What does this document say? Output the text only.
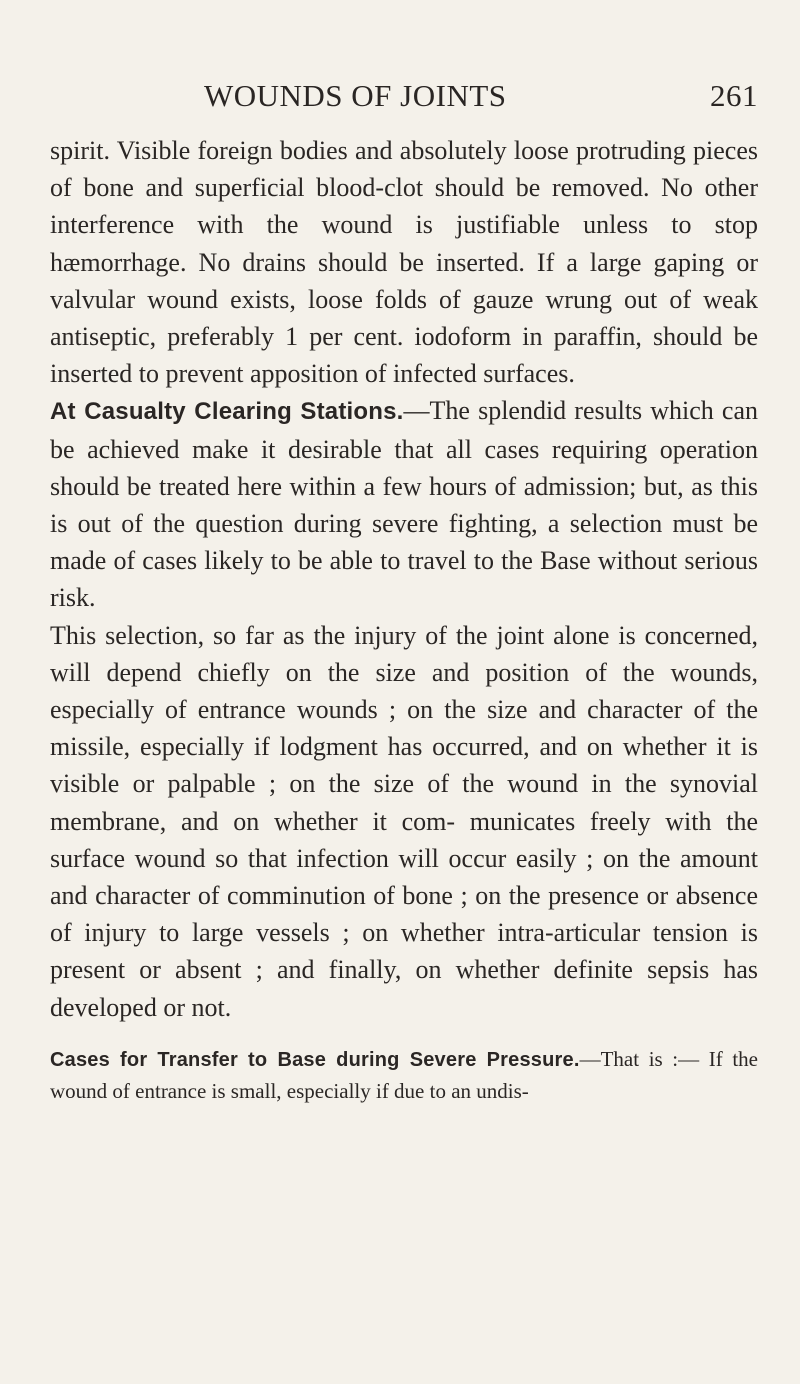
WOUNDS OF JOINTS	261

spirit. Visible foreign bodies and absolutely loose protruding pieces of bone and superficial blood-clot should be removed. No other interference with the wound is justifiable unless to stop hæmorrhage. No drains should be inserted. If a large gaping or valvular wound exists, loose folds of gauze wrung out of weak antiseptic, preferably 1 per cent. iodoform in paraffin, should be inserted to prevent apposition of infected surfaces.

At Casualty Clearing Stations.—The splendid results which can be achieved make it desirable that all cases requiring operation should be treated here within a few hours of admission; but, as this is out of the question during severe fighting, a selection must be made of cases likely to be able to travel to the Base without serious risk.

This selection, so far as the injury of the joint alone is concerned, will depend chiefly on the size and position of the wounds, especially of entrance wounds ; on the size and character of the missile, especially if lodgment has occurred, and on whether it is visible or palpable ; on the size of the wound in the synovial membrane, and on whether it com- municates freely with the surface wound so that infection will occur easily ; on the amount and character of comminution of bone ; on the presence or absence of injury to large vessels ; on whether intra-articular tension is present or absent ; and finally, on whether definite sepsis has developed or not.

Cases for Transfer to Base during Severe Pressure.—That is :— If the wound of entrance is small, especially if due to an undis-
